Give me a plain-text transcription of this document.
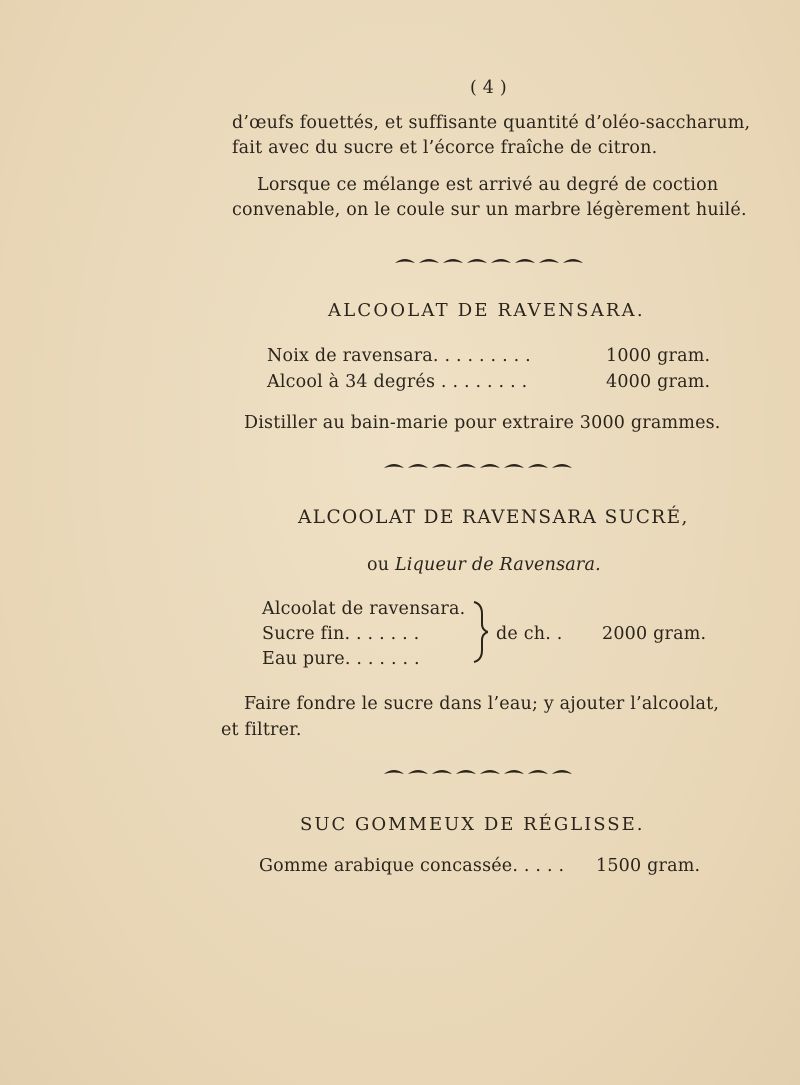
( 4 )
d’œufs fouettés, et suffisante quantité d’oléo-saccharum,
fait avec du sucre et l’écorce fraîche de citron.
Lorsque ce mélange est arrivé au degré de coction
convenable, on le coule sur un marbre légèrement huilé.
ALCOOLAT DE RAVENSARA.
Noix de ravensara. . . . . . . . .	1000 gram.
Alcool à 34 degrés . . . . . . . .	4000 gram.
Distiller au bain-marie pour extraire 3000 grammes.
ALCOOLAT DE RAVENSARA SUCRÉ,
ou Liqueur de Ravensara.
Alcoolat de ravensara.
Sucre fin. . . . . . .
Eau pure. . . . . . .
de ch. . 2000 gram.
Faire fondre le sucre dans l’eau; y ajouter l’alcoolat,
et filtrer.
SUC GOMMEUX DE RÉGLISSE.
Gomme arabique concassée. . . . . 1500 gram.
